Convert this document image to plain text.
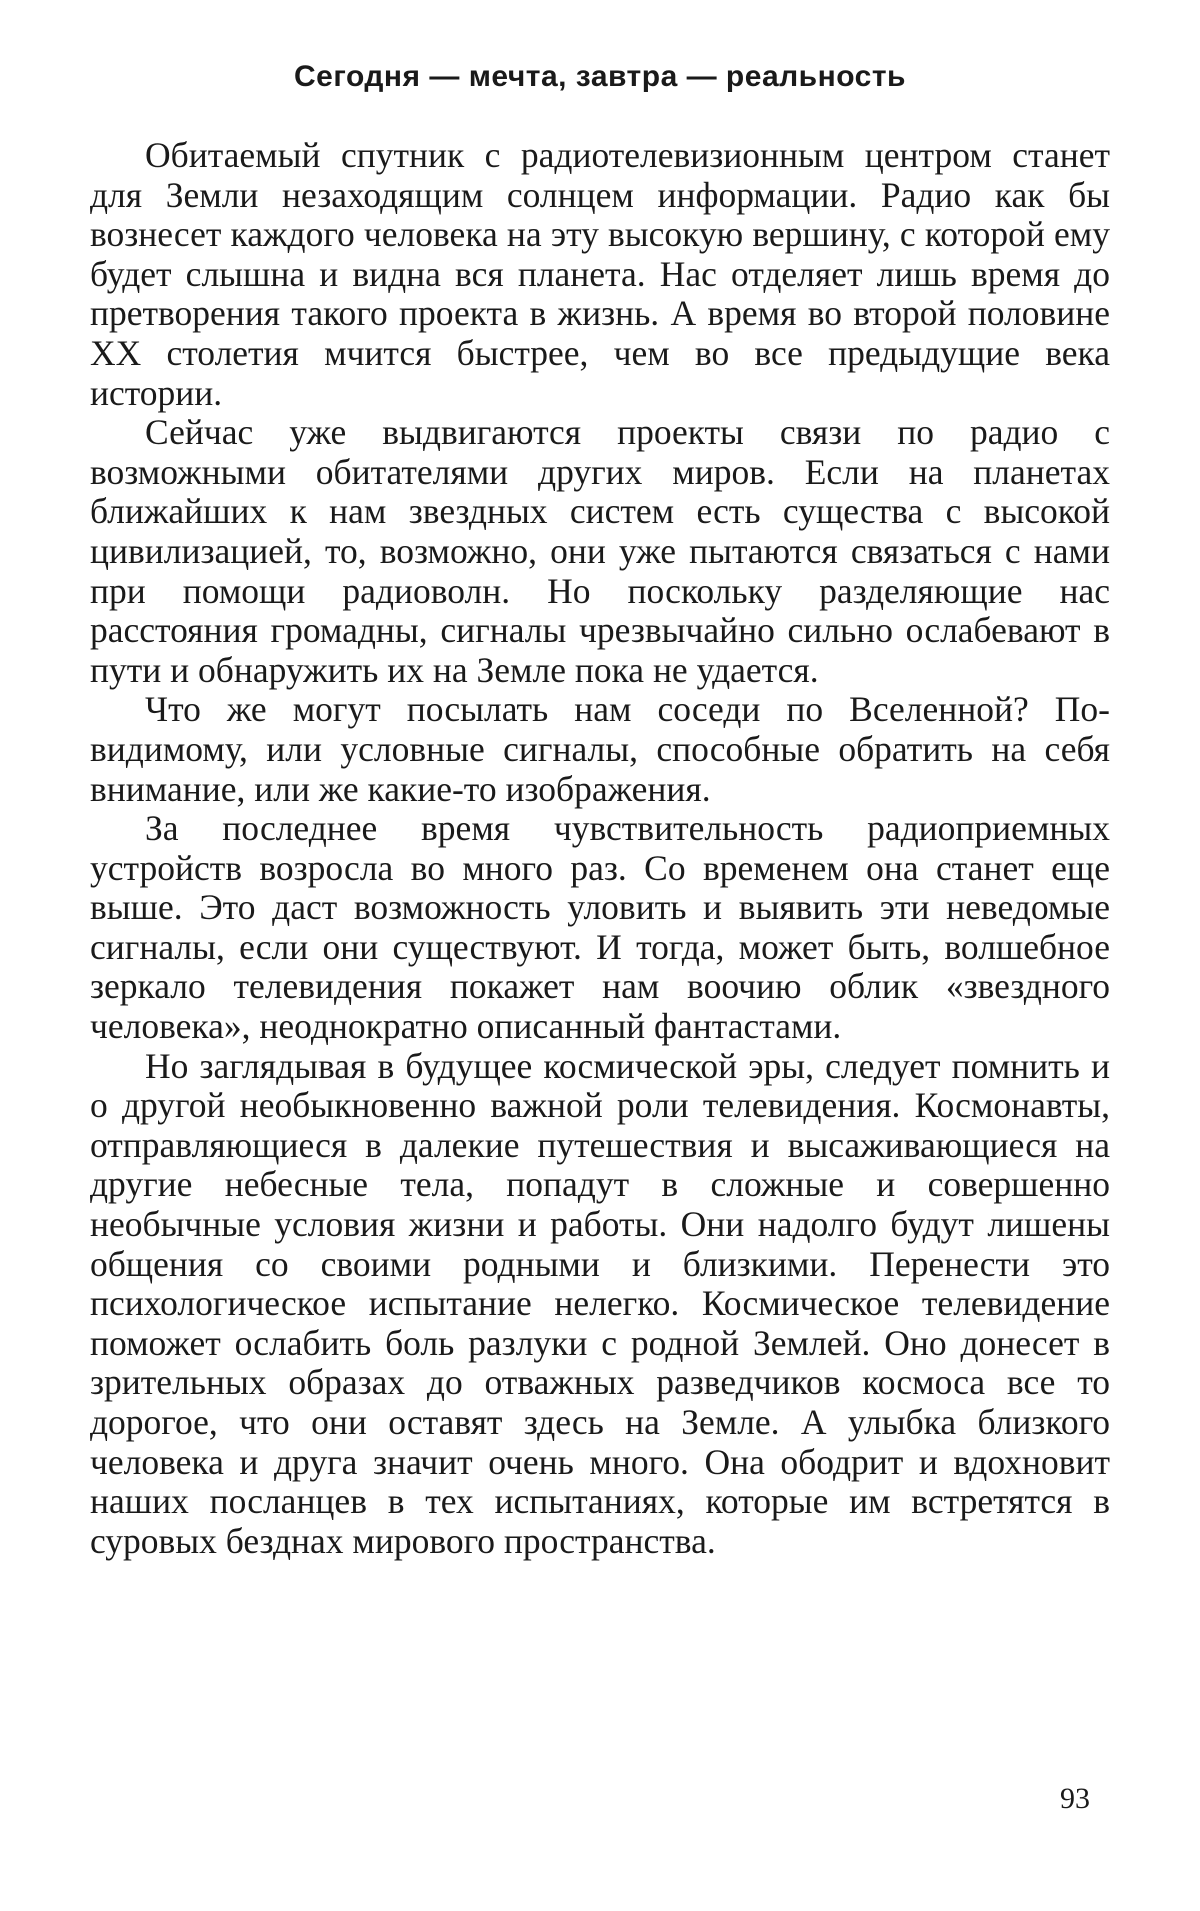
Сегодня — мечта, завтра — реальность

Обитаемый спутник с радиотелевизионным центром станет для Земли незаходящим солнцем информации. Радио как бы вознесет каждого человека на эту высокую вершину, с которой ему будет слышна и видна вся планета. Нас отделяет лишь время до претворения такого проекта в жизнь. А время во второй половине XX столетия мчится быстрее, чем во все предыдущие века истории.

Сейчас уже выдвигаются проекты связи по радио с возможными обитателями других миров. Если на планетах ближайших к нам звездных систем есть существа с высокой цивилизацией, то, возможно, они уже пытаются связаться с нами при помощи радиоволн. Но поскольку разделяющие нас расстояния громадны, сигналы чрезвычайно сильно ослабевают в пути и обнаружить их на Земле пока не удается.

Что же могут посылать нам соседи по Вселенной? По-видимому, или условные сигналы, способные обратить на себя внимание, или же какие-то изображения.

За последнее время чувствительность радиоприемных устройств возросла во много раз. Со временем она станет еще выше. Это даст возможность уловить и выявить эти неведомые сигналы, если они существуют. И тогда, может быть, волшебное зеркало телевидения покажет нам воочию облик «звездного человека», неоднократно описанный фантастами.

Но заглядывая в будущее космической эры, следует помнить и о другой необыкновенно важной роли телевидения. Космонавты, отправляющиеся в далекие путешествия и высаживающиеся на другие небесные тела, попадут в сложные и совершенно необычные условия жизни и работы. Они надолго будут лишены общения со своими родными и близкими. Перенести это психологическое испытание нелегко. Космическое телевидение поможет ослабить боль разлуки с родной Землей. Оно донесет в зрительных образах до отважных разведчиков космоса все то дорогое, что они оставят здесь на Земле. А улыбка близкого человека и друга значит очень много. Она ободрит и вдохновит наших посланцев в тех испытаниях, которые им встретятся в суровых безднах мирового пространства.

93
